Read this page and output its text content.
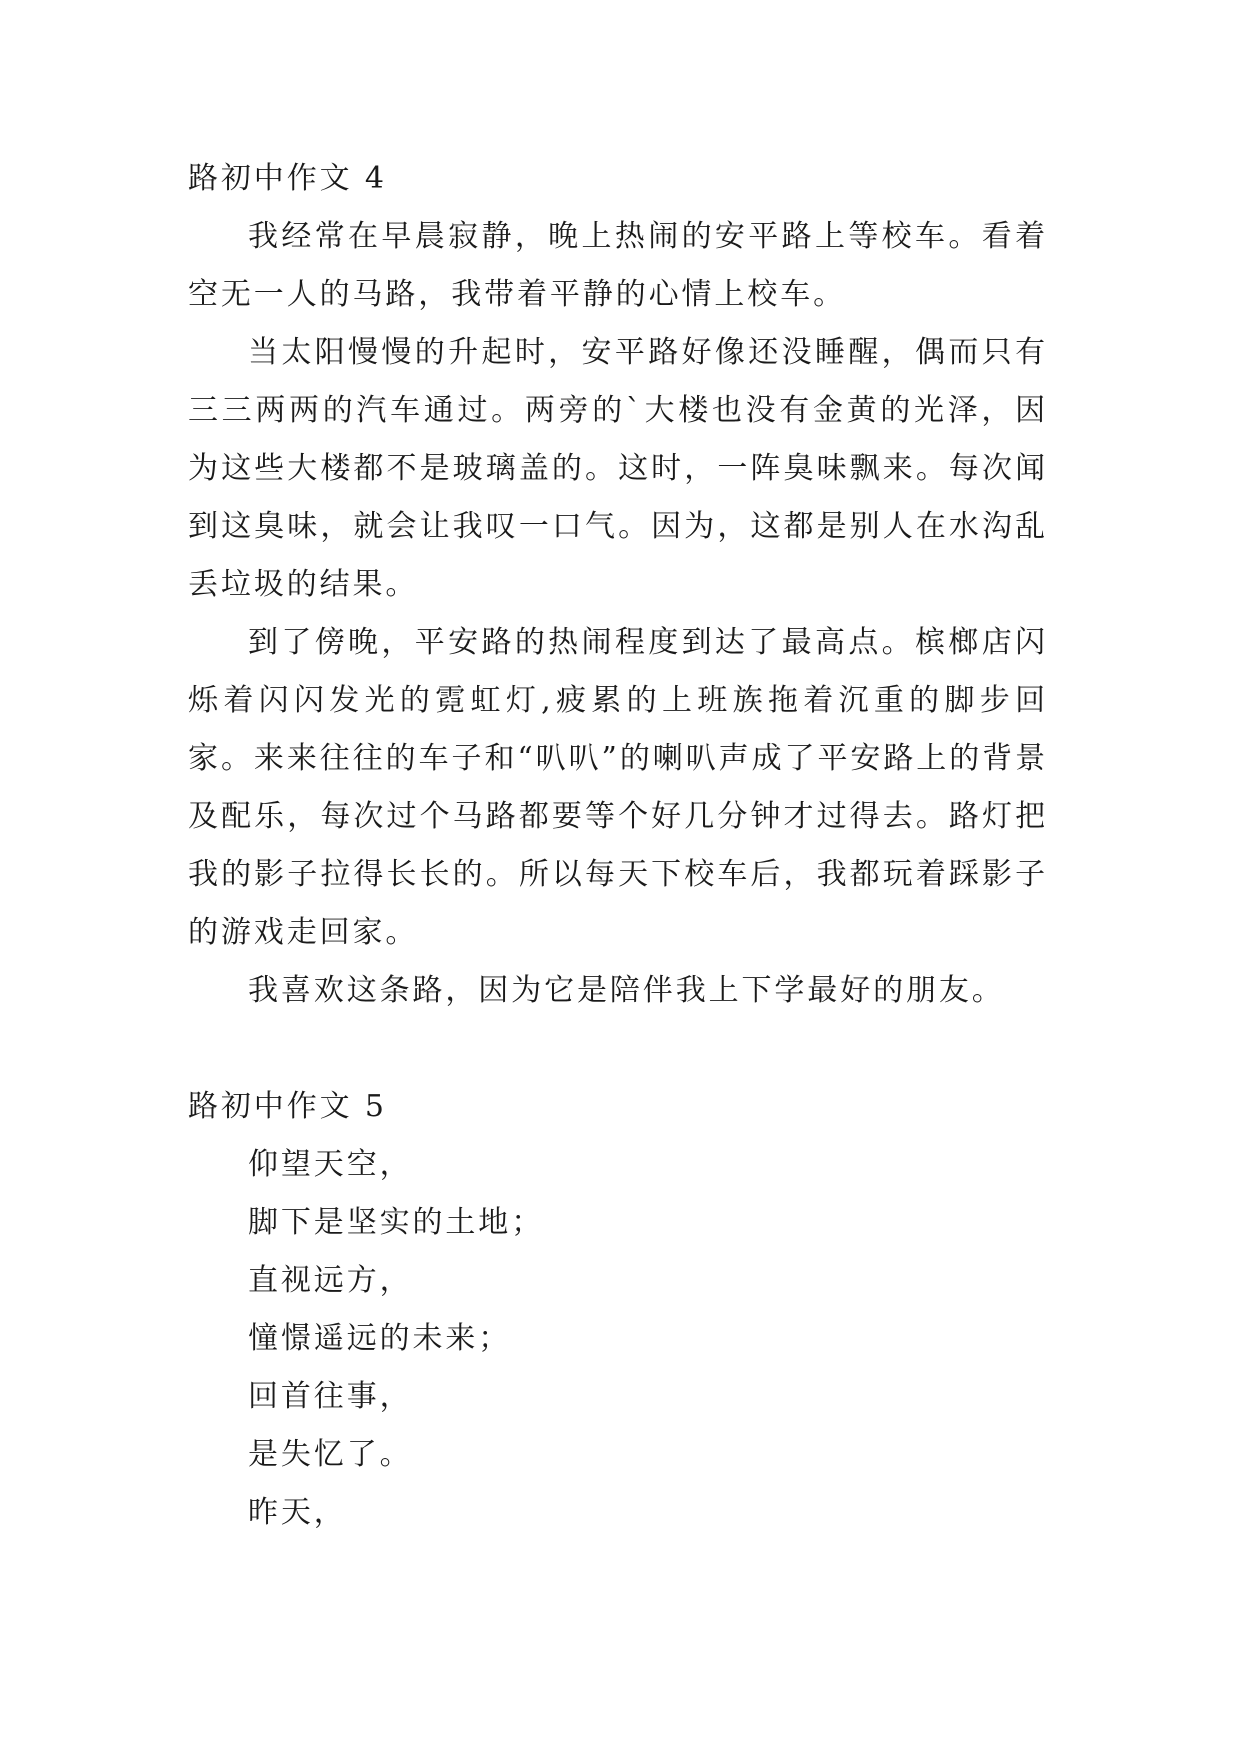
路初中作文 4

我经常在早晨寂静，晚上热闹的安平路上等校车。看着空无一人的马路，我带着平静的心情上校车。

当太阳慢慢的升起时，安平路好像还没睡醒，偶而只有三三两两的汽车通过。两旁的`大楼也没有金黄的光泽，因为这些大楼都不是玻璃盖的。这时，一阵臭味飘来。每次闻到这臭味，就会让我叹一口气。因为，这都是别人在水沟乱丢垃圾的结果。

到了傍晚，平安路的热闹程度到达了最高点。槟榔店闪烁着闪闪发光的霓虹灯,疲累的上班族拖着沉重的脚步回家。来来往往的车子和“叭叭”的喇叭声成了平安路上的背景及配乐，每次过个马路都要等个好几分钟才过得去。路灯把我的影子拉得长长的。所以每天下校车后，我都玩着踩影子的游戏走回家。

我喜欢这条路，因为它是陪伴我上下学最好的朋友。

路初中作文 5
仰望天空，
脚下是坚实的土地；
直视远方，
憧憬遥远的未来；
回首往事，
是失忆了。
昨天，
